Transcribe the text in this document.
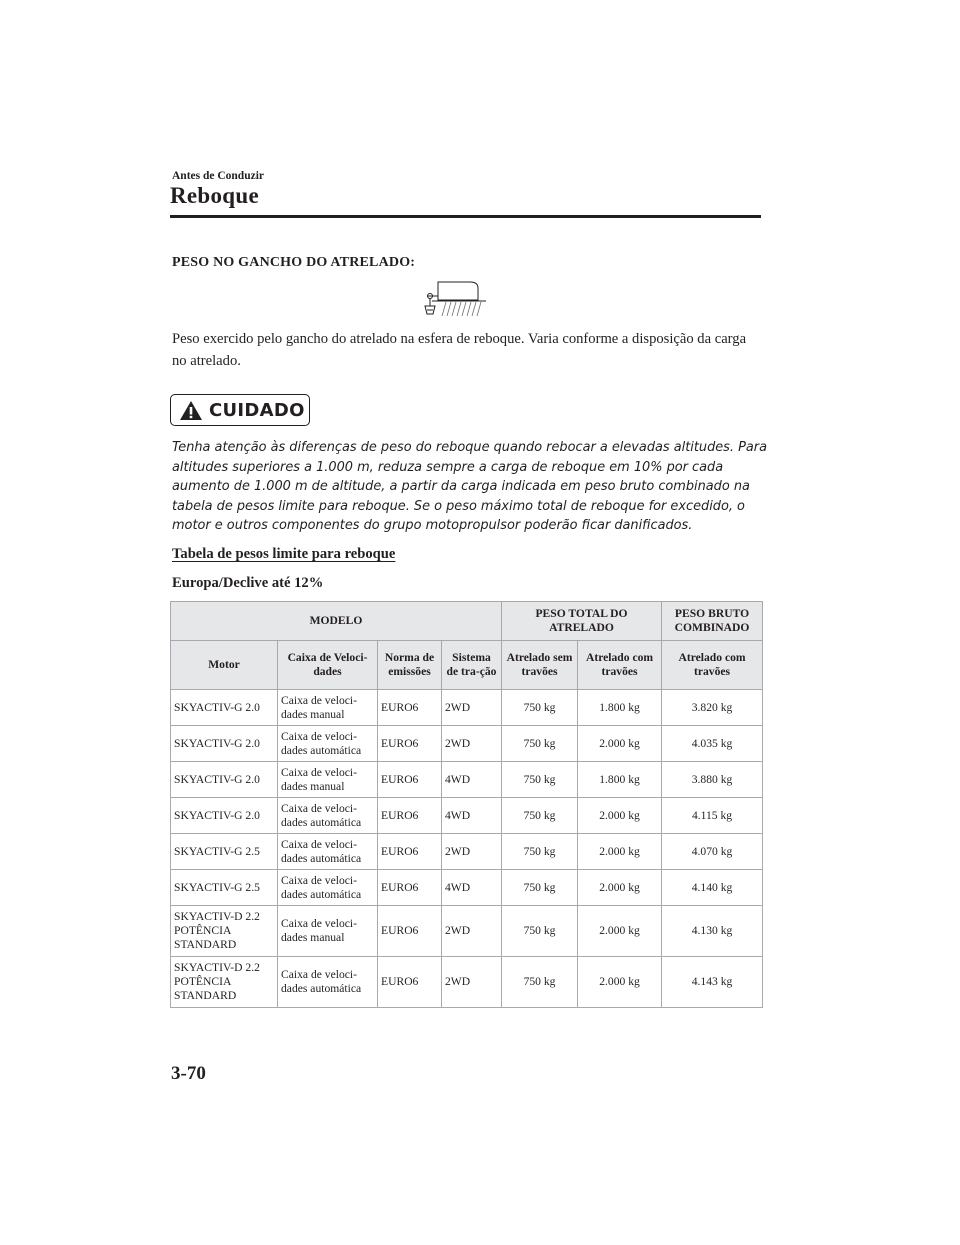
Antes de Conduzir
Reboque
PESO NO GANCHO DO ATRELADO:
Peso exercido pelo gancho do atrelado na esfera de reboque. Varia conforme a disposição da carga no atrelado.
CUIDADO
Tenha atenção às diferenças de peso do reboque quando rebocar a elevadas altitudes. Para altitudes superiores a 1.000 m, reduza sempre a carga de reboque em 10% por cada aumento de 1.000 m de altitude, a partir da carga indicada em peso bruto combinado na tabela de pesos limite para reboque. Se o peso máximo total de reboque for excedido, o motor e outros componentes do grupo motopropulsor poderão ficar danificados.
Tabela de pesos limite para reboque
Europa/Declive até 12%
MODELO				PESO TOTAL DO ATRELADO		PESO BRUTO COMBINADO
Motor	Caixa de Veloci-dades	Norma de emissões	Sistema de tra-ção	Atrelado sem travões	Atrelado com travões	Atrelado com travões
SKYACTIV-G 2.0	Caixa de veloci-dades manual	EURO6	2WD	750 kg	1.800 kg	3.820 kg
SKYACTIV-G 2.0	Caixa de veloci-dades automática	EURO6	2WD	750 kg	2.000 kg	4.035 kg
SKYACTIV-G 2.0	Caixa de veloci-dades manual	EURO6	4WD	750 kg	1.800 kg	3.880 kg
SKYACTIV-G 2.0	Caixa de veloci-dades automática	EURO6	4WD	750 kg	2.000 kg	4.115 kg
SKYACTIV-G 2.5	Caixa de veloci-dades automática	EURO6	2WD	750 kg	2.000 kg	4.070 kg
SKYACTIV-G 2.5	Caixa de veloci-dades automática	EURO6	4WD	750 kg	2.000 kg	4.140 kg
SKYACTIV-D 2.2 POTÊNCIA STANDARD	Caixa de veloci-dades manual	EURO6	2WD	750 kg	2.000 kg	4.130 kg
SKYACTIV-D 2.2 POTÊNCIA STANDARD	Caixa de veloci-dades automática	EURO6	2WD	750 kg	2.000 kg	4.143 kg
3-70
